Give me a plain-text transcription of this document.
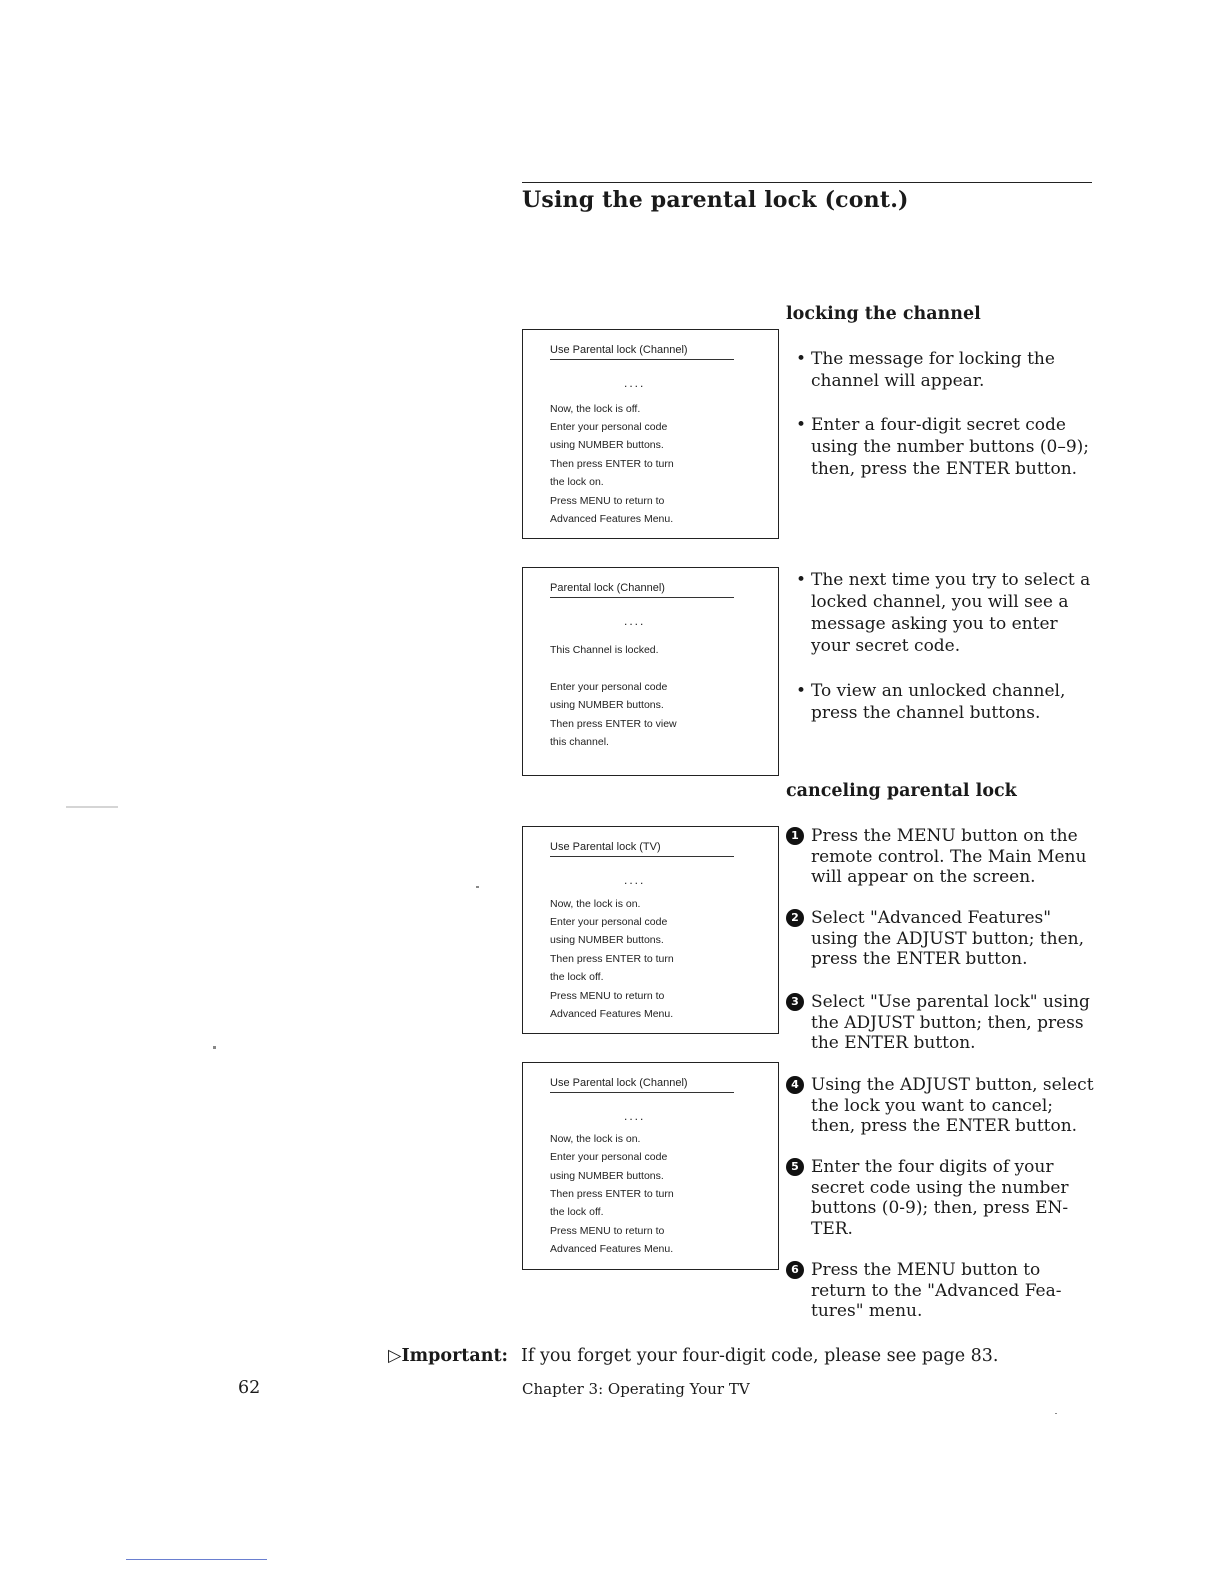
Using the parental lock (cont.)
locking the channel
Use Parental lock (Channel)
....
Now, the lock is off.
Enter your personal code
using NUMBER buttons.
Then press ENTER to turn
the lock on.
Press MENU to return to
Advanced Features Menu.
Parental lock (Channel)
....
This Channel is locked.
Enter your personal code
using NUMBER buttons.
Then press ENTER to view
this channel.
Use Parental lock (TV)
....
Now, the lock is on.
Enter your personal code
using NUMBER buttons.
Then press ENTER to turn
the lock off.
Press MENU to return to
Advanced Features Menu.
Use Parental lock (Channel)
....
Now, the lock is on.
Enter your personal code
using NUMBER buttons.
Then press ENTER to turn
the lock off.
Press MENU to return to
Advanced Features Menu.
• The message for locking the channel will appear.
• Enter a four-digit secret code using the number buttons (0–9); then, press the ENTER button.
• The next time you try to select a locked channel, you will see a message asking you to enter your secret code.
• To view an unlocked channel, press the channel buttons.
canceling parental lock
1 Press the MENU button on the remote control. The Main Menu will appear on the screen.
2 Select "Advanced Features" using the ADJUST button; then, press the ENTER button.
3 Select "Use parental lock" using the ADJUST button; then, press the ENTER button.
4 Using the ADJUST button, select the lock you want to cancel; then, press the ENTER button.
5 Enter the four digits of your secret code using the number buttons (0-9); then, press EN-TER.
6 Press the MENU button to return to the "Advanced Fea-tures" menu.
▷Important: If you forget your four-digit code, please see page 83.
62	Chapter 3: Operating Your TV
